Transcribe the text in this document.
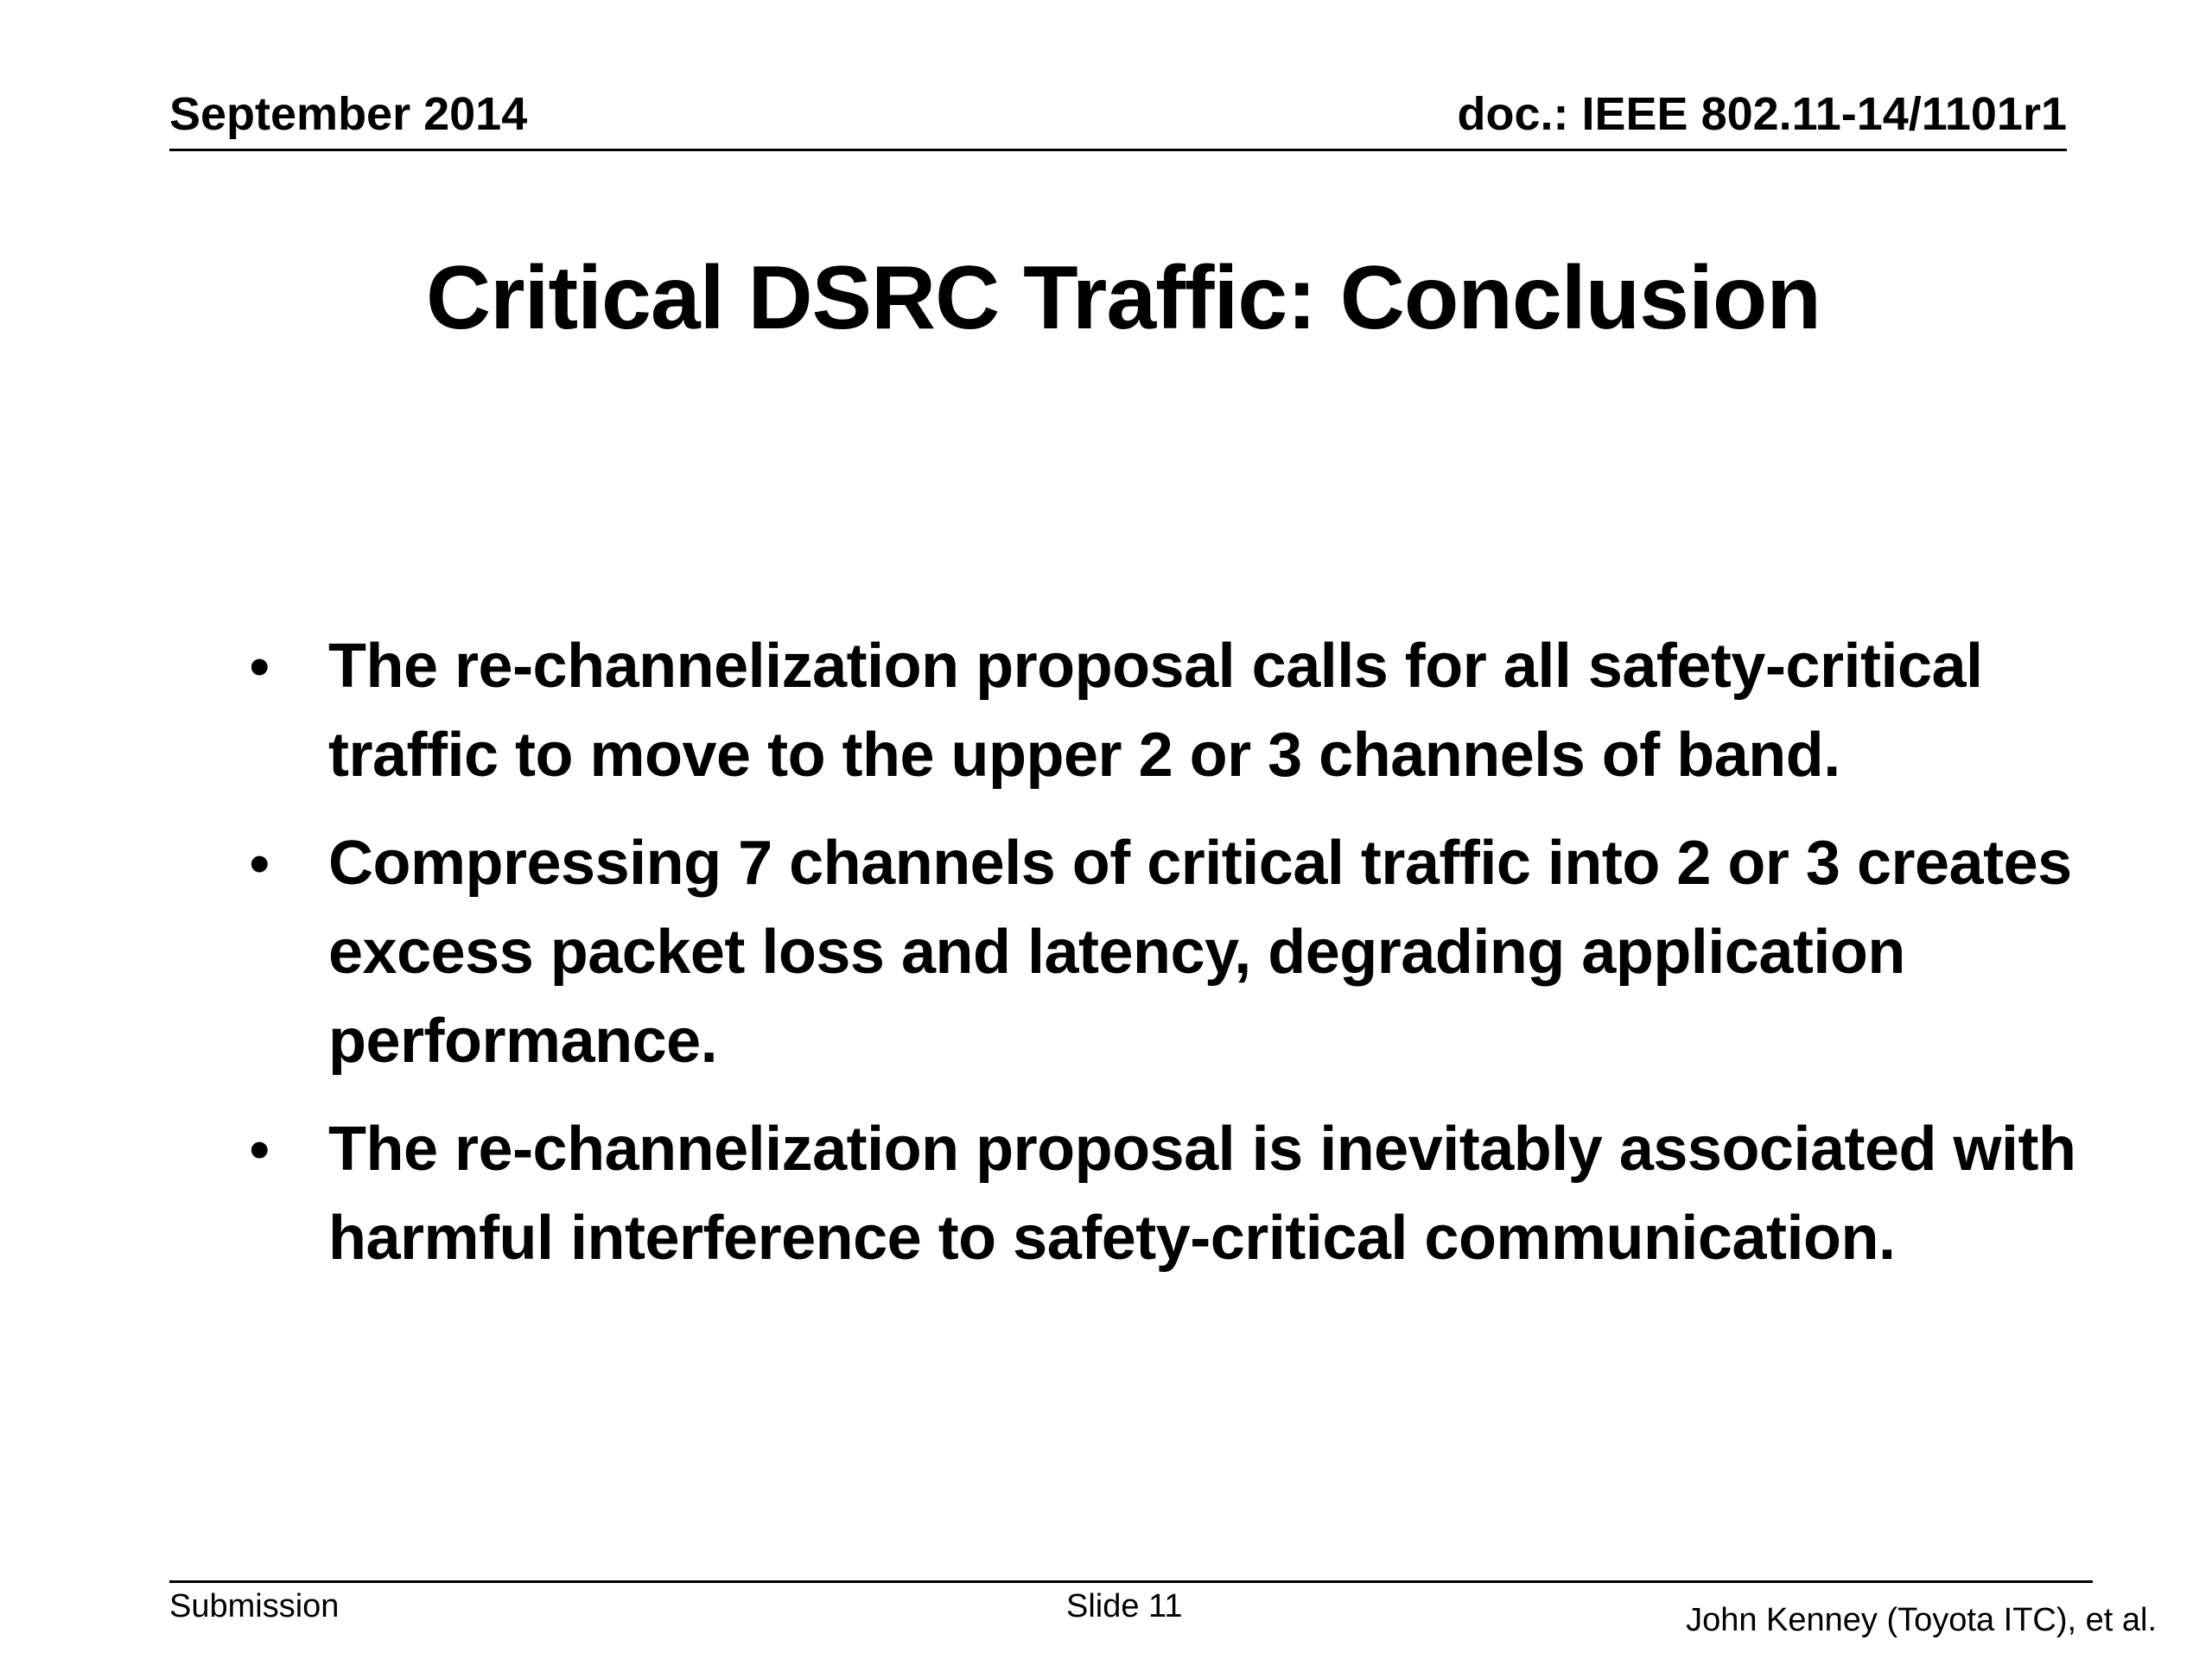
September 2014	doc.: IEEE 802.11-14/1101r1
Critical DSRC Traffic: Conclusion
• The re-channelization proposal calls for all safety-critical traffic to move to the upper 2 or 3 channels of band.
• Compressing 7 channels of critical traffic into 2 or 3 creates excess packet loss and latency, degrading application performance.
• The re-channelization proposal is inevitably associated with harmful interference to safety-critical communication.
Submission	Slide 11	John Kenney (Toyota ITC), et al.
